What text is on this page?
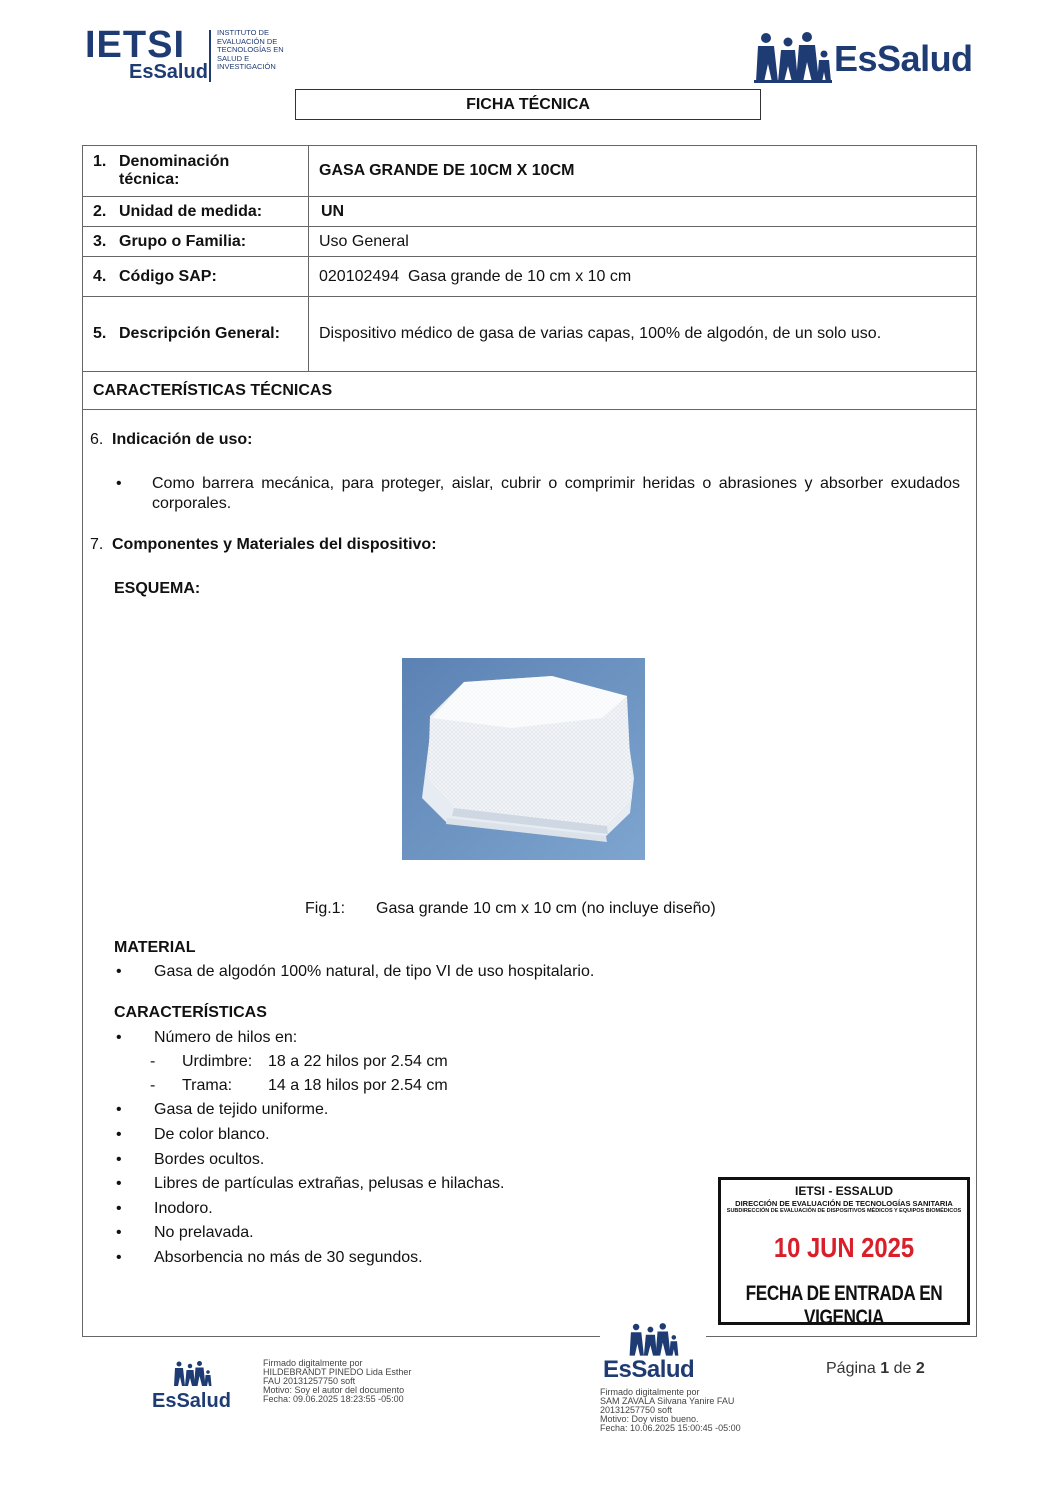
IETSI
EsSalud
INSTITUTO DE EVALUACIÓN DE TECNOLOGÍAS EN SALUD E INVESTIGACIÓN	EsSalud
FICHA TÉCNICA
1. Denominación técnica:	GASA GRANDE DE 10CM X 10CM
2. Unidad de medida:	UN
3. Grupo o Familia:	Uso General
4. Código SAP:	020102494  Gasa grande de 10 cm x 10 cm
5. Descripción General:	Dispositivo médico de gasa de varias capas, 100% de algodón, de un solo uso.
CARACTERÍSTICAS TÉCNICAS	
6. Indicación de uso:
• Como barrera mecánica, para proteger, aislar, cubrir o comprimir heridas o abrasiones y absorber exudados corporales.
7. Componentes y Materiales del dispositivo:
ESQUEMA:
Fig.1: Gasa grande 10 cm x 10 cm (no incluye diseño)
MATERIAL
• Gasa de algodón 100% natural, de tipo VI de uso hospitalario.
CARACTERÍSTICAS
• Número de hilos en:
- Urdimbre: 18 a 22 hilos por 2.54 cm
- Trama: 14 a 18 hilos por 2.54 cm
• Gasa de tejido uniforme.
• De color blanco.
• Bordes ocultos.
• Libres de partículas extrañas, pelusas e hilachas.
• Inodoro.
• No prelavada.
• Absorbencia no más de 30 segundos.
IETSI - ESSALUD
DIRECCIÓN DE EVALUACIÓN DE TECNOLOGÍAS SANITARIA
SUBDIRECCIÓN DE EVALUACIÓN DE DISPOSITIVOS MÉDICOS Y EQUIPOS BIOMÉDICOS
10 JUN 2025
FECHA DE ENTRADA EN VIGENCIA
EsSalud
Firmado digitalmente por
HILDEBRANDT PINEDO Lida Esther
FAU 20131257750 soft
Motivo: Soy el autor del documento
Fecha: 09.06.2025 18:23:55 -05:00
EsSalud
Firmado digitalmente por
SAM ZAVALA Silvana Yanire FAU
20131257750 soft
Motivo: Doy visto bueno.
Fecha: 10.06.2025 15:00:45 -05:00
Página 1 de 2
